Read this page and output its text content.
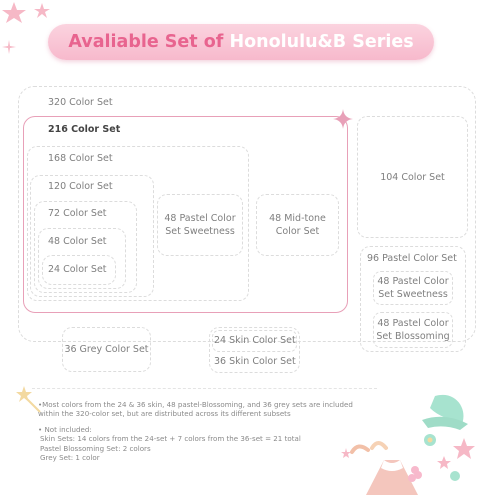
Avaliable Set of Honolulu&B Series
320 Color Set
216 Color Set
168 Color Set
120 Color Set
72 Color Set
48 Color Set
24 Color Set
48 Pastel Color Set Sweetness
48 Mid-tone Color Set
104 Color Set
96 Pastel Color Set
48 Pastel Color Set Sweetness
48 Pastel Color Set Blossoming
36 Grey Color Set
24 Skin Color Set
36 Skin Color Set
•Most colors from the 24 & 36 skin, 48 pastel-Blossoming, and 36 grey sets are included
within the 320-color set, but are distributed across its different subsets
• Not included:
Skin Sets: 14 colors from the 24-set + 7 colors from the 36-set = 21 total
Pastel Blossoming Set: 2 colors
Grey Set: 1 color
